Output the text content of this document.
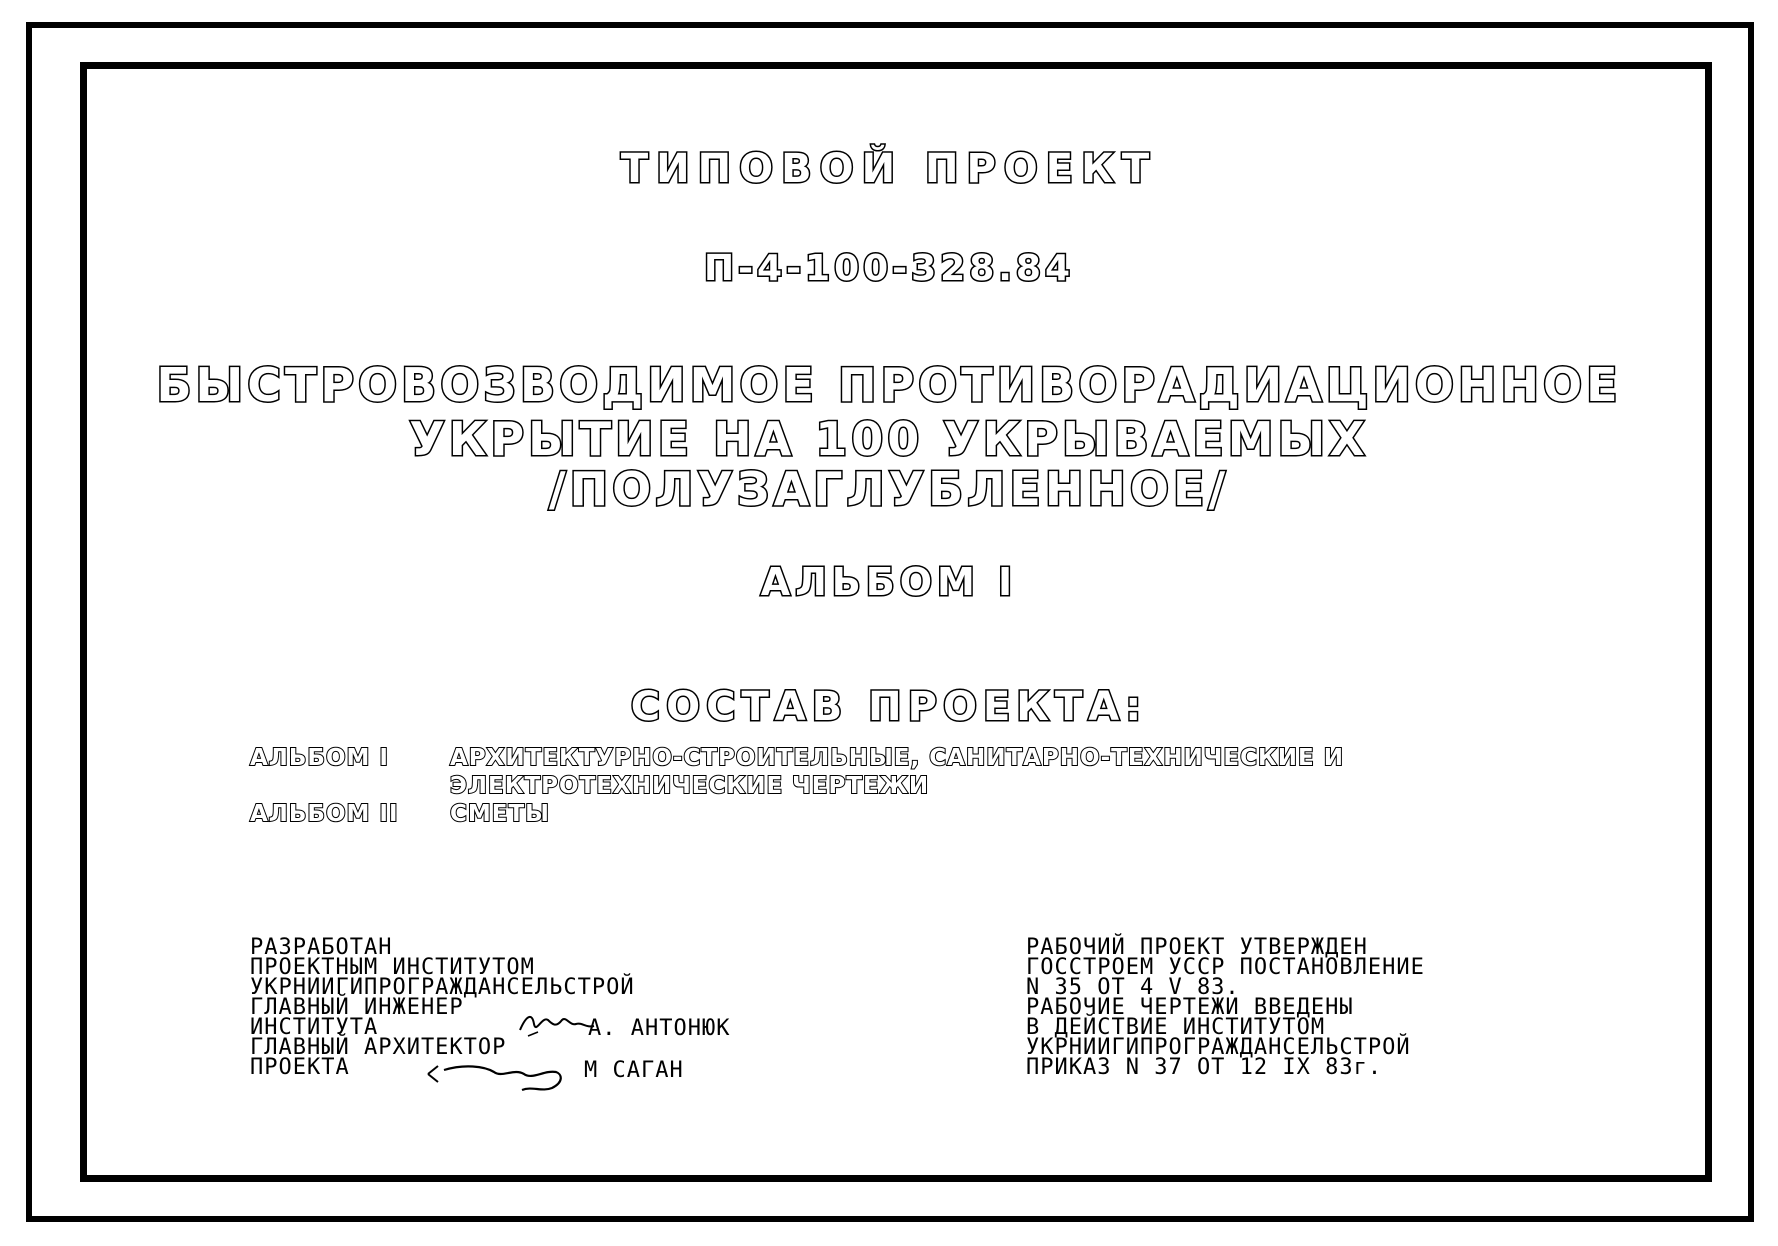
ТИПОВОЙ ПРОЕКТ

П-4-100-328.84

БЫСТРОВОЗВОДИМОЕ ПРОТИВОРАДИАЦИОННОЕ

УКРЫТИЕ НА 100 УКРЫВАЕМЫХ

/ПОЛУЗАГЛУБЛЕННОЕ/

АЛЬБОМ I

СОСТАВ ПРОЕКТА:

АЛЬБОМ I	АРХИТЕКТУРНО-СТРОИТЕЛЬНЫЕ, САНИТАРНО-ТЕХНИЧЕСКИЕ И
ЭЛЕКТРОТЕХНИЧЕСКИЕ ЧЕРТЕЖИ
АЛЬБОМ II	СМЕТЫ
РАЗРАБОТАН
ПРОЕКТНЫМ ИНСТИТУТОМ
УКРНИИГИПРОГРАЖДАНСЕЛЬСТРОЙ
ГЛАВНЫЙ ИНЖЕНЕР
ИНСТИТУТА
ГЛАВНЫЙ АРХИТЕКТОР
ПРОЕКТА
А. АНТОНЮК
М САГАН
РАБОЧИЙ ПРОЕКТ УТВЕРЖДЕН
ГОССТРОЕМ УССР ПОСТАНОВЛЕНИЕ
N 35 ОТ 4 V 83.
РАБОЧИЕ ЧЕРТЕЖИ ВВЕДЕНЫ
В ДЕЙСТВИЕ ИНСТИТУТОМ
УКРНИИГИПРОГРАЖДАНСЕЛЬСТРОЙ
ПРИКАЗ N 37 ОТ 12 IX 83г.
